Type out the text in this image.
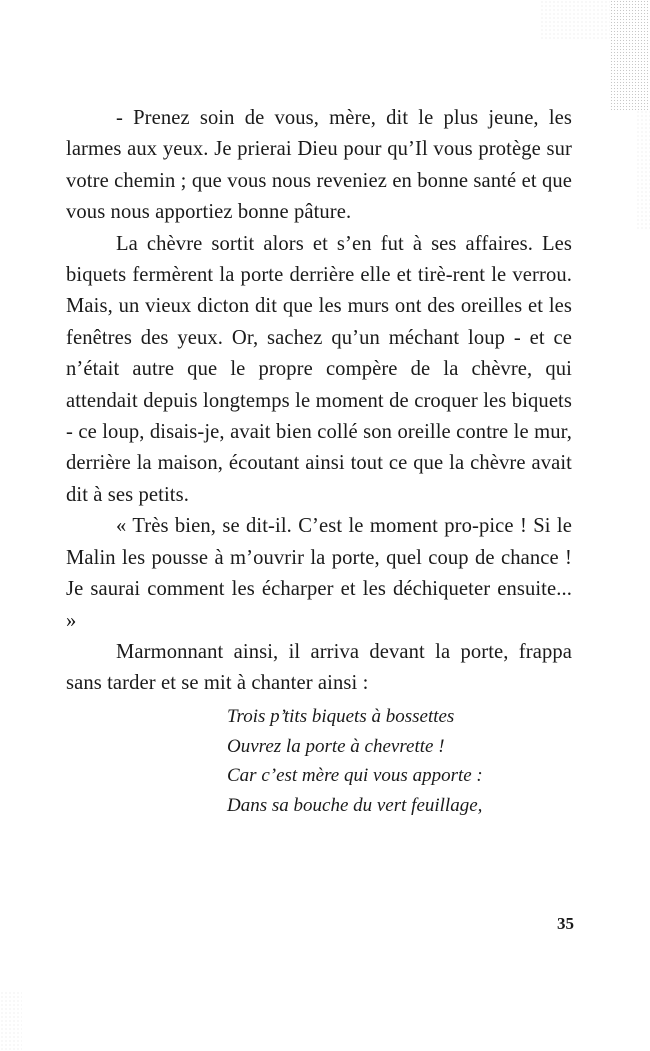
- Prenez soin de vous, mère, dit le plus jeune, les larmes aux yeux. Je prierai Dieu pour qu’Il vous protège sur votre chemin ; que vous nous reveniez en bonne santé et que vous nous apportiez bonne pâture.

La chèvre sortit alors et s’en fut à ses affaires. Les biquets fermèrent la porte derrière elle et tirè-rent le verrou. Mais, un vieux dicton dit que les murs ont des oreilles et les fenêtres des yeux. Or, sachez qu’un méchant loup - et ce n’était autre que le propre compère de la chèvre, qui attendait depuis longtemps le moment de croquer les biquets - ce loup, disais-je, avait bien collé son oreille contre le mur, derrière la maison, écoutant ainsi tout ce que la chèvre avait dit à ses petits.

« Très bien, se dit-il. C’est le moment pro-pice ! Si le Malin les pousse à m’ouvrir la porte, quel coup de chance ! Je saurai comment les écharper et les déchiqueter ensuite... »

Marmonnant ainsi, il arriva devant la porte, frappa sans tarder et se mit à chanter ainsi :

Trois p’tits biquets à bossettes
Ouvrez la porte à chevrette !
Car c’est mère qui vous apporte :
Dans sa bouche du vert feuillage,
35
